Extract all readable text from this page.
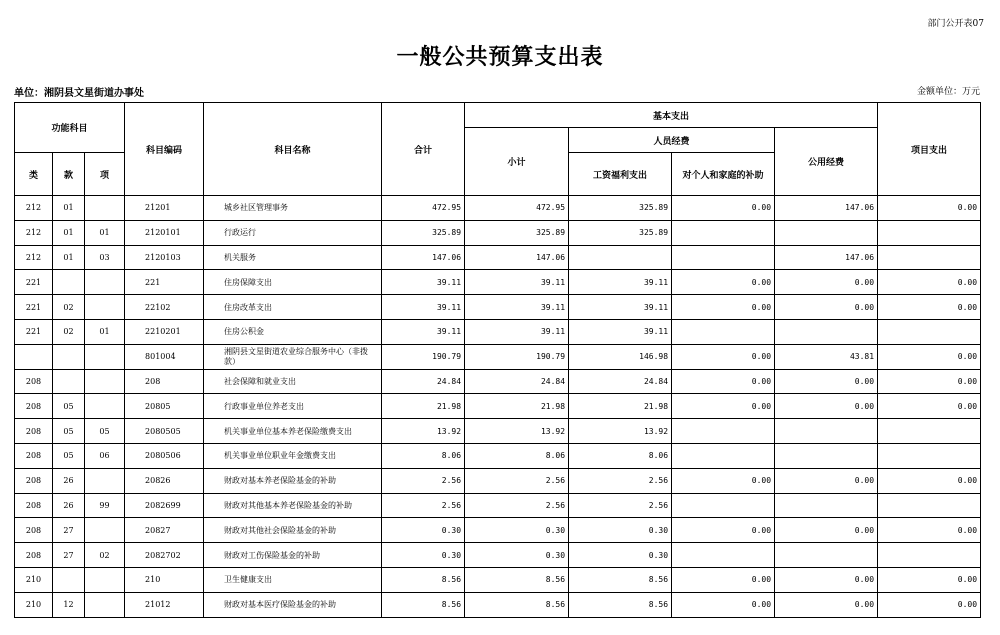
部门公开表07
一般公共预算支出表
单位：湘阴县文星街道办事处	金额单位：万元
功能科目			科目编码	科目名称	合计	基本支出				项目支出
						小计	人员经费		公用经费	
类	款	项					工资福利支出	对个人和家庭的补助		
212	01		21201	城乡社区管理事务	472.95	472.95	325.89	0.00	147.06	0.00
212	01	01	2120101	行政运行	325.89	325.89	325.89			
212	01	03	2120103	机关服务	147.06	147.06			147.06	
221			221	住房保障支出	39.11	39.11	39.11	0.00	0.00	0.00
221	02		22102	住房改革支出	39.11	39.11	39.11	0.00	0.00	0.00
221	02	01	2210201	住房公积金	39.11	39.11	39.11			
			801004	湘阴县文星街道农业综合服务中心（非拨款）	190.79	190.79	146.98	0.00	43.81	0.00
208			208	社会保障和就业支出	24.84	24.84	24.84	0.00	0.00	0.00
208	05		20805	行政事业单位养老支出	21.98	21.98	21.98	0.00	0.00	0.00
208	05	05	2080505	机关事业单位基本养老保险缴费支出	13.92	13.92	13.92			
208	05	06	2080506	机关事业单位职业年金缴费支出	8.06	8.06	8.06			
208	26		20826	财政对基本养老保险基金的补助	2.56	2.56	2.56	0.00	0.00	0.00
208	26	99	2082699	财政对其他基本养老保险基金的补助	2.56	2.56	2.56			
208	27		20827	财政对其他社会保险基金的补助	0.30	0.30	0.30	0.00	0.00	0.00
208	27	02	2082702	财政对工伤保险基金的补助	0.30	0.30	0.30			
210			210	卫生健康支出	8.56	8.56	8.56	0.00	0.00	0.00
210	12		21012	财政对基本医疗保险基金的补助	8.56	8.56	8.56	0.00	0.00	0.00
